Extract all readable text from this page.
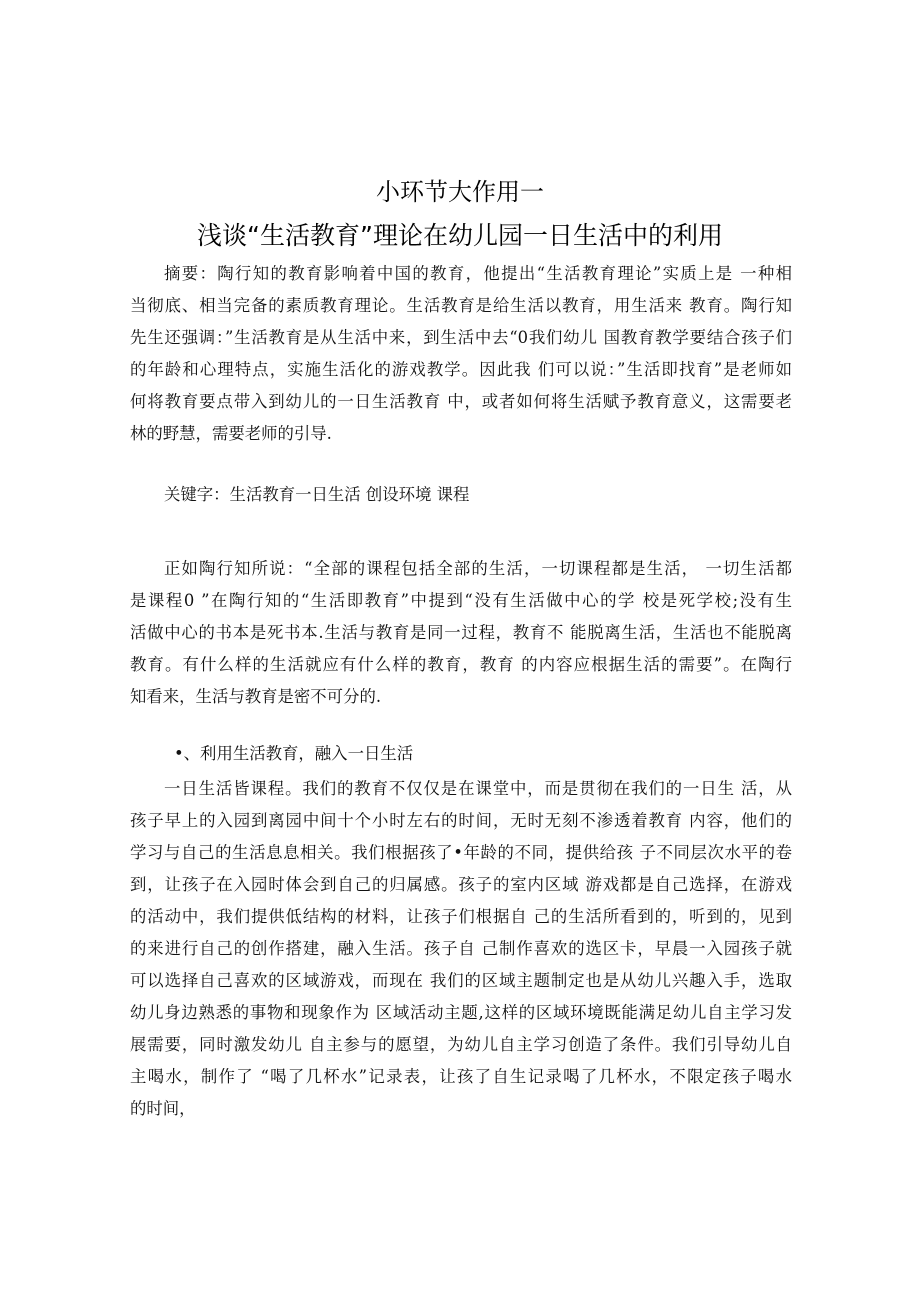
小环节大作用一
浅谈“生活教育”理论在幼儿园一日生活中的利用
摘要：陶行知的教育影响着中国的教育，他提出“生活教育理论”实质上是 一种相
当彻底、相当完备的素质教育理论。生活教育是给生活以教育，用生活来 教育。陶行知
先生还强调：”生活教育是从生活中来，到生活中去“0我们幼儿 国教育教学要结合孩子们
的年龄和心理特点，实施生活化的游戏教学。因此我 们可以说：”生活即找育”是老师如
何将教育要点带入到幼儿的一日生活教育 中，或者如何将生活赋予教育意义，这需要老
林的野慧，需要老师的引导.
关键字：生活教育一日生活 创设环境 课程
正如陶行知所说：“全部的课程包括全部的生活，一切课程都是生活， 一切生活都
是课程0 ”在陶行知的“生活即教育”中提到“没有生活做中心的学 校是死学校;没有生
活做中心的书本是死书本.生活与教育是同一过程，教育不 能脱离生活，生活也不能脱离
教育。有什么样的生活就应有什么样的教育，教育 的内容应根据生活的需要”。在陶行
知看来，生活与教育是密不可分的.
•、利用生活教育，融入一日生活
一日生活皆课程。我们的教育不仅仅是在课堂中，而是贯彻在我们的一日生 活，从
孩子早上的入园到离园中间十个小时左右的时间，无时无刻不渗透着教育 内容，他们的
学习与自己的生活息息相关。我们根据孩了•年龄的不同，提供给孩 子不同层次水平的卷
到，让孩子在入园时体会到自己的归属感。孩子的室内区域 游戏都是自己选择，在游戏
的活动中，我们提供低结构的材料，让孩子们根据自 己的生活所看到的，听到的，见到
的来进行自己的创作搭建，融入生活。孩子自 己制作喜欢的选区卡，早晨一入园孩子就
可以选择自己喜欢的区域游戏，而现在 我们的区域主题制定也是从幼儿兴趣入手，选取
幼儿身边熟悉的事物和现象作为 区域活动主题,这样的区域环境既能满足幼儿自主学习发
展需要，同时激发幼儿 自主参与的愿望，为幼儿自主学习创造了条件。我们引导幼儿自
主喝水，制作了 “喝了几杯水”记录表，让孩了自生记录喝了几杯水，不限定孩子喝水
的时间，
